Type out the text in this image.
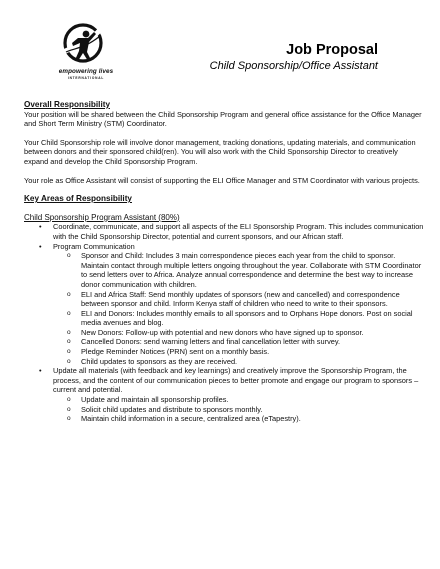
empowering lives
INTERNATIONAL
Job Proposal
Child Sponsorship/Office Assistant

Overall Responsibility

Your position will be shared between the Child Sponsorship Program and general office assistance for the Office Manager and Short Term Ministry (STM) Coordinator.

Your Child Sponsorship role will involve donor management, tracking donations, updating materials, and communication between donors and their sponsored child(ren). You will also work with the Child Sponsorship Director to creatively expand and develop the Child Sponsorship Program.

Your role as Office Assistant will consist of supporting the ELI Office Manager and STM Coordinator with various projects.

Key Areas of Responsibility

Child Sponsorship Program Assistant (80%)

• Coordinate, communicate, and support all aspects of the ELI Sponsorship Program. This includes communication with the Child Sponsorship Director, potential and current sponsors, and our African staff.
• Program Communication
o Sponsor and Child: Includes 3 main correspondence pieces each year from the child to sponsor. Maintain contact through multiple letters ongoing throughout the year. Collaborate with STM Coordinator to send letters over to Africa. Analyze annual correspondence and determine the best way to increase donor communication with children.
o ELI and Africa Staff: Send monthly updates of sponsors (new and cancelled) and correspondence between sponsor and child. Inform Kenya staff of children who need to write to their sponsors.
o ELI and Donors: Includes monthly emails to all sponsors and to Orphans Hope donors. Post on social media avenues and blog.
o New Donors: Follow-up with potential and new donors who have signed up to sponsor.
o Cancelled Donors: send warning letters and final cancellation letter with survey.
o Pledge Reminder Notices (PRN) sent on a monthly basis.
o Child updates to sponsors as they are received.
• Update all materials (with feedback and key learnings) and creatively improve the Sponsorship Program, the process, and the content of our communication pieces to better promote and engage our program to sponsors – current and potential.
o Update and maintain all sponsorship profiles.
o Solicit child updates and distribute to sponsors monthly.
o Maintain child information in a secure, centralized area (eTapestry).
